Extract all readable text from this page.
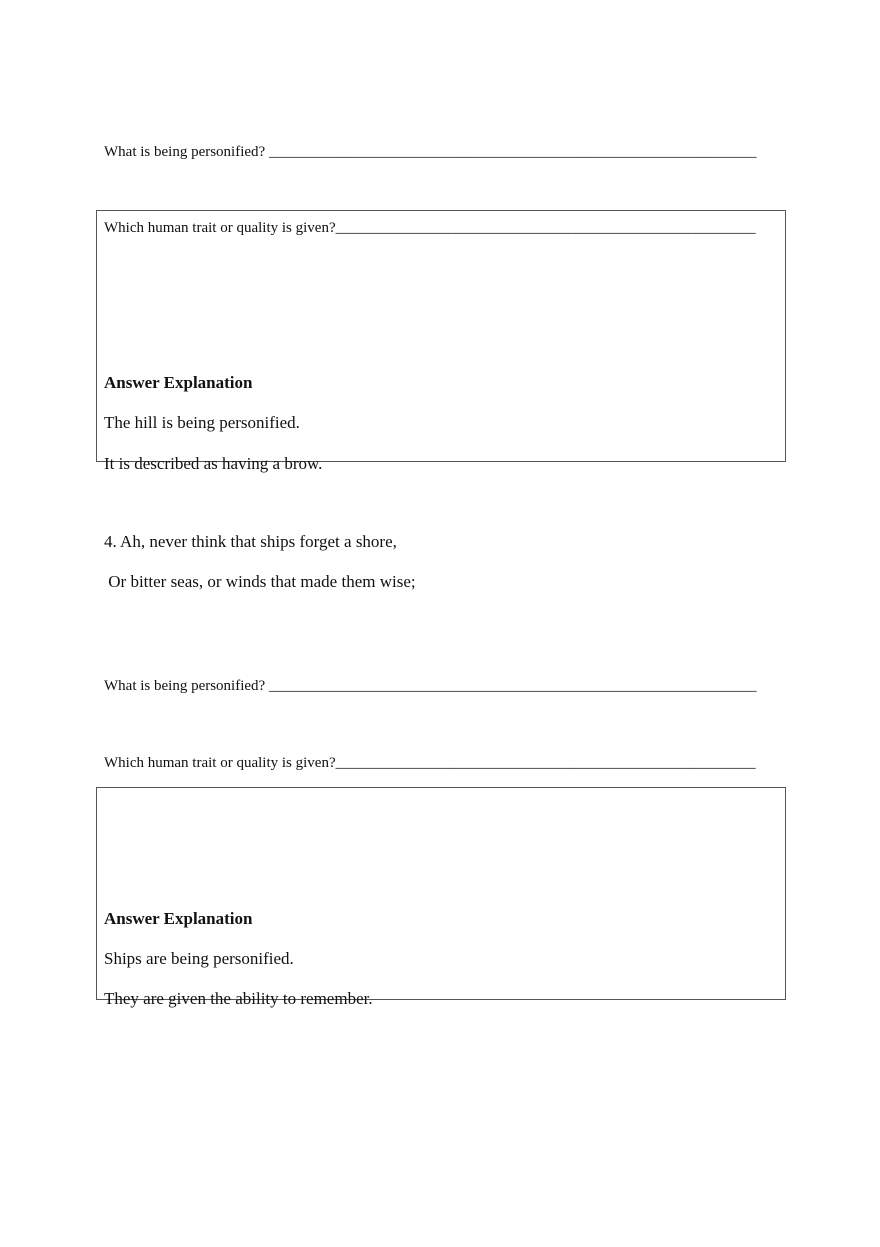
What is being personified? _________________________________________________________________
Which human trait or quality is given?________________________________________________________
Answer Explanation
The hill is being personified.
It is described as having a brow.
4. Ah, never think that ships forget a shore,
Or bitter seas, or winds that made them wise;
What is being personified? _________________________________________________________________
Which human trait or quality is given?________________________________________________________
Answer Explanation
Ships are being personified.
They are given the ability to remember.
